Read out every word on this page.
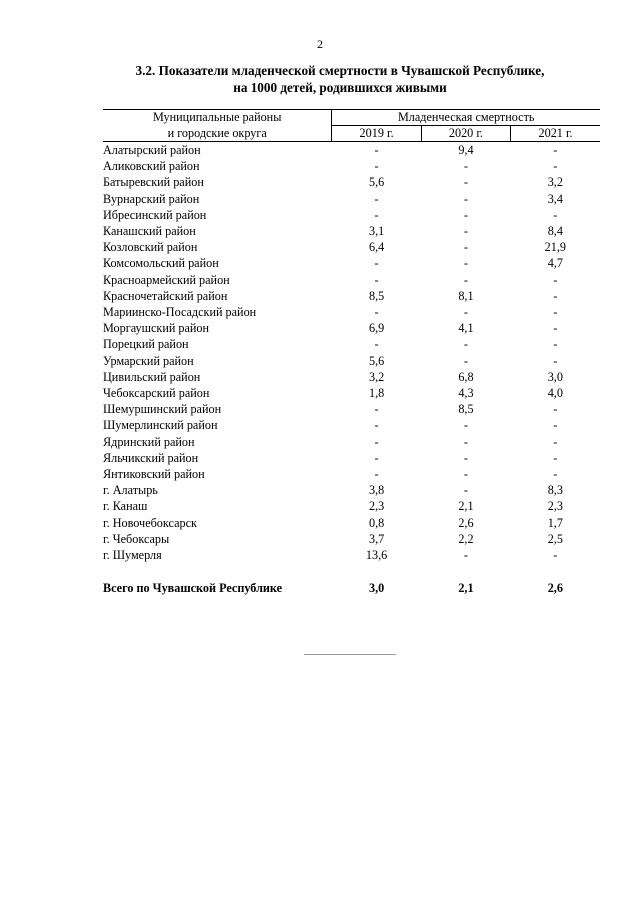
2
3.2. Показатели младенческой смертности в Чувашской Республике,
на 1000 детей, родившихся живыми
Муниципальные районы	Младенческая смертность		
и городские округа	2019 г.	2020 г.	2021 г.
Алатырский район	-	9,4	-
Аликовский район	-	-	-
Батыревский район	5,6	-	3,2
Вурнарский район	-	-	3,4
Ибресинский район	-	-	-
Канашский район	3,1	-	8,4
Козловский район	6,4	-	21,9
Комсомольский район	-	-	4,7
Красноармейский район	-	-	-
Красночетайский район	8,5	8,1	-
Мариинско-Посадский район	-	-	-
Моргаушский район	6,9	4,1	-
Порецкий район	-	-	-
Урмарский район	5,6	-	-
Цивильский район	3,2	6,8	3,0
Чебоксарский район	1,8	4,3	4,0
Шемуршинский район	-	8,5	-
Шумерлинский район	-	-	-
Ядринский район	-	-	-
Яльчикский район	-	-	-
Янтиковский район	-	-	-
г. Алатырь	3,8	-	8,3
г. Канаш	2,3	2,1	2,3
г. Новочебоксарск	0,8	2,6	1,7
г. Чебоксары	3,7	2,2	2,5
г. Шумерля	13,6	-	-

Всего по Чувашской Республике	3,0	2,1	2,6
